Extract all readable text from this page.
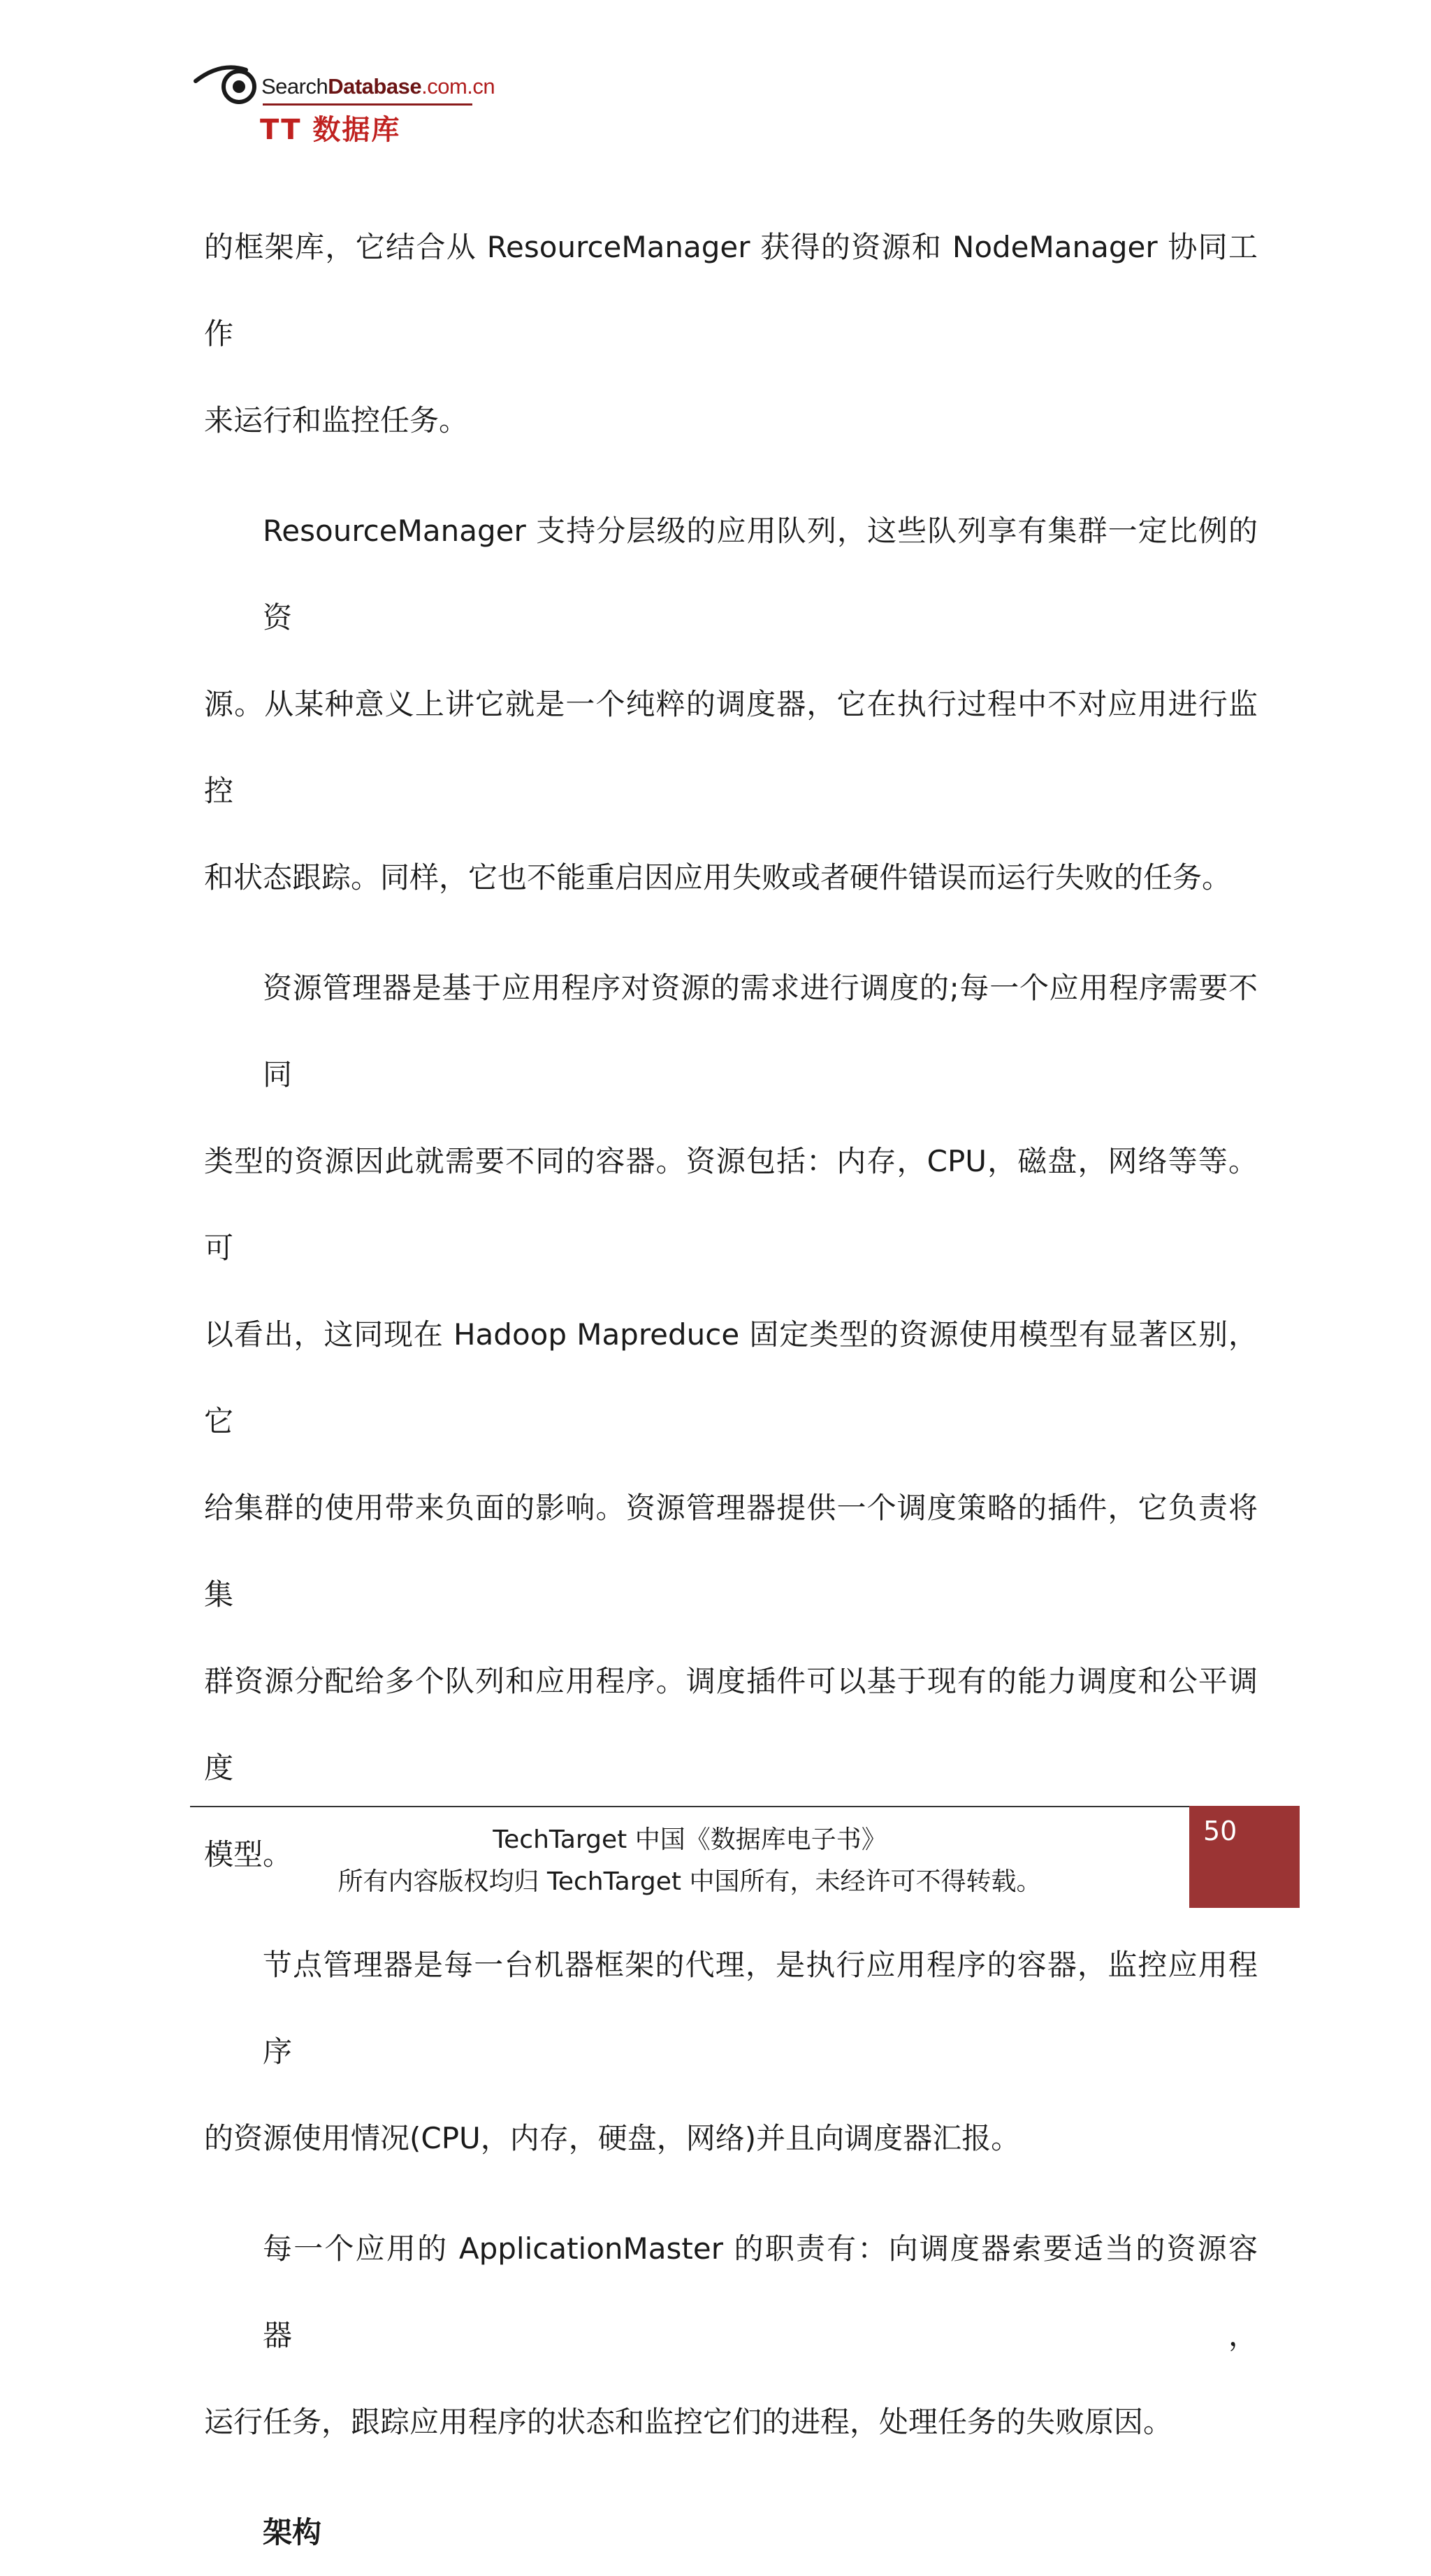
SearchDatabase.com.cn
TT 数据库
的框架库，它结合从 ResourceManager 获得的资源和 NodeManager 协同工作
来运行和监控任务。
ResourceManager 支持分层级的应用队列，这些队列享有集群一定比例的资
源。从某种意义上讲它就是一个纯粹的调度器，它在执行过程中不对应用进行监控
和状态跟踪。同样，它也不能重启因应用失败或者硬件错误而运行失败的任务。
资源管理器是基于应用程序对资源的需求进行调度的;每一个应用程序需要不同
类型的资源因此就需要不同的容器。资源包括：内存，CPU，磁盘，网络等等。可
以看出，这同现在 Hadoop Mapreduce 固定类型的资源使用模型有显著区别，它
给集群的使用带来负面的影响。资源管理器提供一个调度策略的插件，它负责将集
群资源分配给多个队列和应用程序。调度插件可以基于现有的能力调度和公平调度
模型。
节点管理器是每一台机器框架的代理，是执行应用程序的容器，监控应用程序
的资源使用情况(CPU，内存，硬盘，网络)并且向调度器汇报。
每一个应用的 ApplicationMaster 的职责有：向调度器索要适当的资源容器，
运行任务，跟踪应用程序的状态和监控它们的进程，处理任务的失败原因。
架构
TechTarget 中国《数据库电子书》
所有内容版权均归 TechTarget 中国所有，未经许可不得转载。
50
